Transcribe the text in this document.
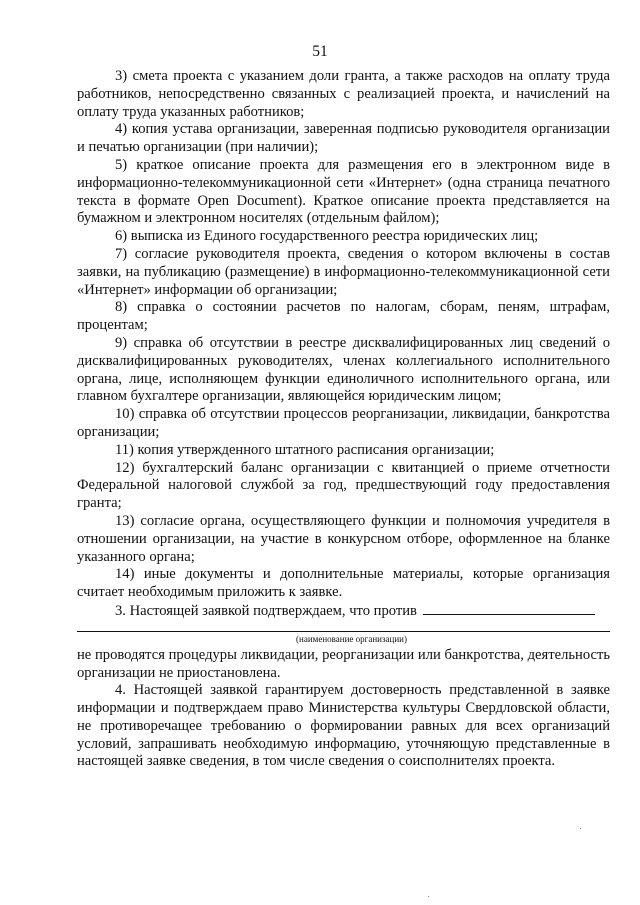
51

3) смета проекта с указанием доли гранта, а также расходов на оплату труда работников, непосредственно связанных с реализацией проекта, и начислений на оплату труда указанных работников;

4) копия устава организации, заверенная подписью руководителя организации и печатью организации (при наличии);

5) краткое описание проекта для размещения его в электронном виде в информационно-телекоммуникационной сети «Интернет» (одна страница печатного текста в формате Open Document). Краткое описание проекта представляется на бумажном и электронном носителях (отдельным файлом);

6) выписка из Единого государственного реестра юридических лиц;

7) согласие руководителя проекта, сведения о котором включены в состав заявки, на публикацию (размещение) в информационно-телекоммуникационной сети «Интернет» информации об организации;

8) справка о состоянии расчетов по налогам, сборам, пеням, штрафам, процентам;

9) справка об отсутствии в реестре дисквалифицированных лиц сведений о дисквалифицированных руководителях, членах коллегиального исполнительного органа, лице, исполняющем функции единоличного исполнительного органа, или главном бухгалтере организации, являющейся юридическим лицом;

10) справка об отсутствии процессов реорганизации, ликвидации, банкротства организации;

11) копия утвержденного штатного расписания организации;

12) бухгалтерский баланс организации с квитанцией о приеме отчетности Федеральной налоговой службой за год, предшествующий году предоставления гранта;

13) согласие органа, осуществляющего функции и полномочия учредителя в отношении организации, на участие в конкурсном отборе, оформленное на бланке указанного органа;

14) иные документы и дополнительные материалы, которые организация считает необходимым приложить к заявке.

3. Настоящей заявкой подтверждаем, что против

(наименование организации)

не проводятся процедуры ликвидации, реорганизации или банкротства, деятельность организации не приостановлена.

4. Настоящей заявкой гарантируем достоверность представленной в заявке информации и подтверждаем право Министерства культуры Свердловской области, не противоречащее требованию о формировании равных для всех организаций условий, запрашивать необходимую информацию, уточняющую представленные в настоящей заявке сведения, в том числе сведения о соисполнителях проекта.
